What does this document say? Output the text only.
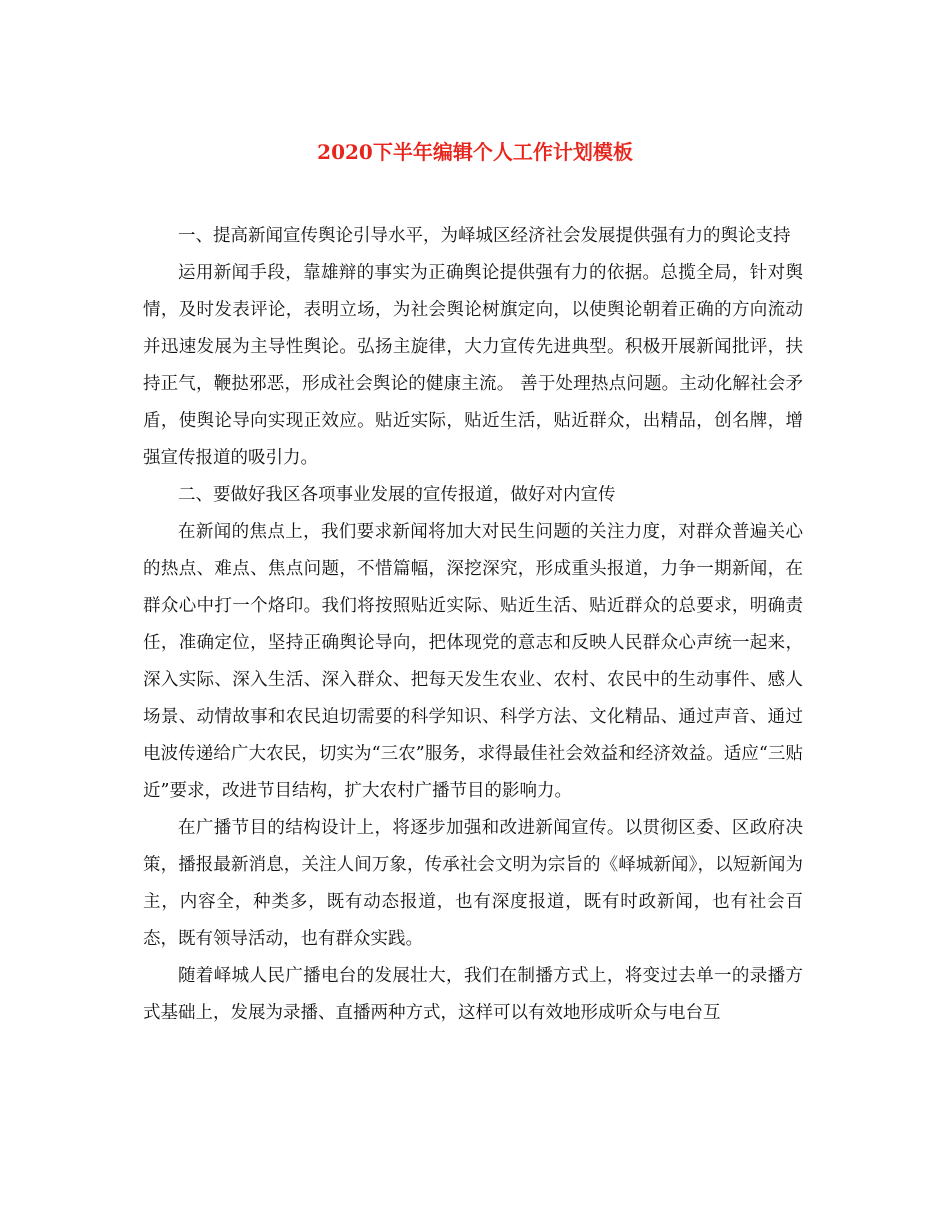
2020下半年编辑个人工作计划模板

一、提高新闻宣传舆论引导水平，为峄城区经济社会发展提供强有力的舆论支持

运用新闻手段，靠雄辩的事实为正确舆论提供强有力的依据。总揽全局，针对舆情，及时发表评论，表明立场，为社会舆论树旗定向，以使舆论朝着正确的方向流动并迅速发展为主导性舆论。弘扬主旋律，大力宣传先进典型。积极开展新闻批评，扶持正气，鞭挞邪恶，形成社会舆论的健康主流。 善于处理热点问题。主动化解社会矛盾，使舆论导向实现正效应。贴近实际，贴近生活，贴近群众，出精品，创名牌，增强宣传报道的吸引力。

二、要做好我区各项事业发展的宣传报道，做好对内宣传

在新闻的焦点上，我们要求新闻将加大对民生问题的关注力度，对群众普遍关心的热点、难点、焦点问题，不惜篇幅，深挖深究，形成重头报道，力争一期新闻，在群众心中打一个烙印。我们将按照贴近实际、贴近生活、贴近群众的总要求，明确责任，准确定位，坚持正确舆论导向，把体现党的意志和反映人民群众心声统一起来，深入实际、深入生活、深入群众、把每天发生农业、农村、农民中的生动事件、感人场景、动情故事和农民迫切需要的科学知识、科学方法、文化精品、通过声音、通过电波传递给广大农民，切实为“三农”服务，求得最佳社会效益和经济效益。适应“三贴近”要求，改进节目结构，扩大农村广播节目的影响力。

在广播节目的结构设计上，将逐步加强和改进新闻宣传。以贯彻区委、区政府决策，播报最新消息，关注人间万象，传承社会文明为宗旨的《峄城新闻》，以短新闻为主，内容全，种类多，既有动态报道，也有深度报道，既有时政新闻，也有社会百态，既有领导活动，也有群众实践。

随着峄城人民广播电台的发展壮大，我们在制播方式上，将变过去单一的录播方式基础上，发展为录播、直播两种方式，这样可以有效地形成听众与电台互
